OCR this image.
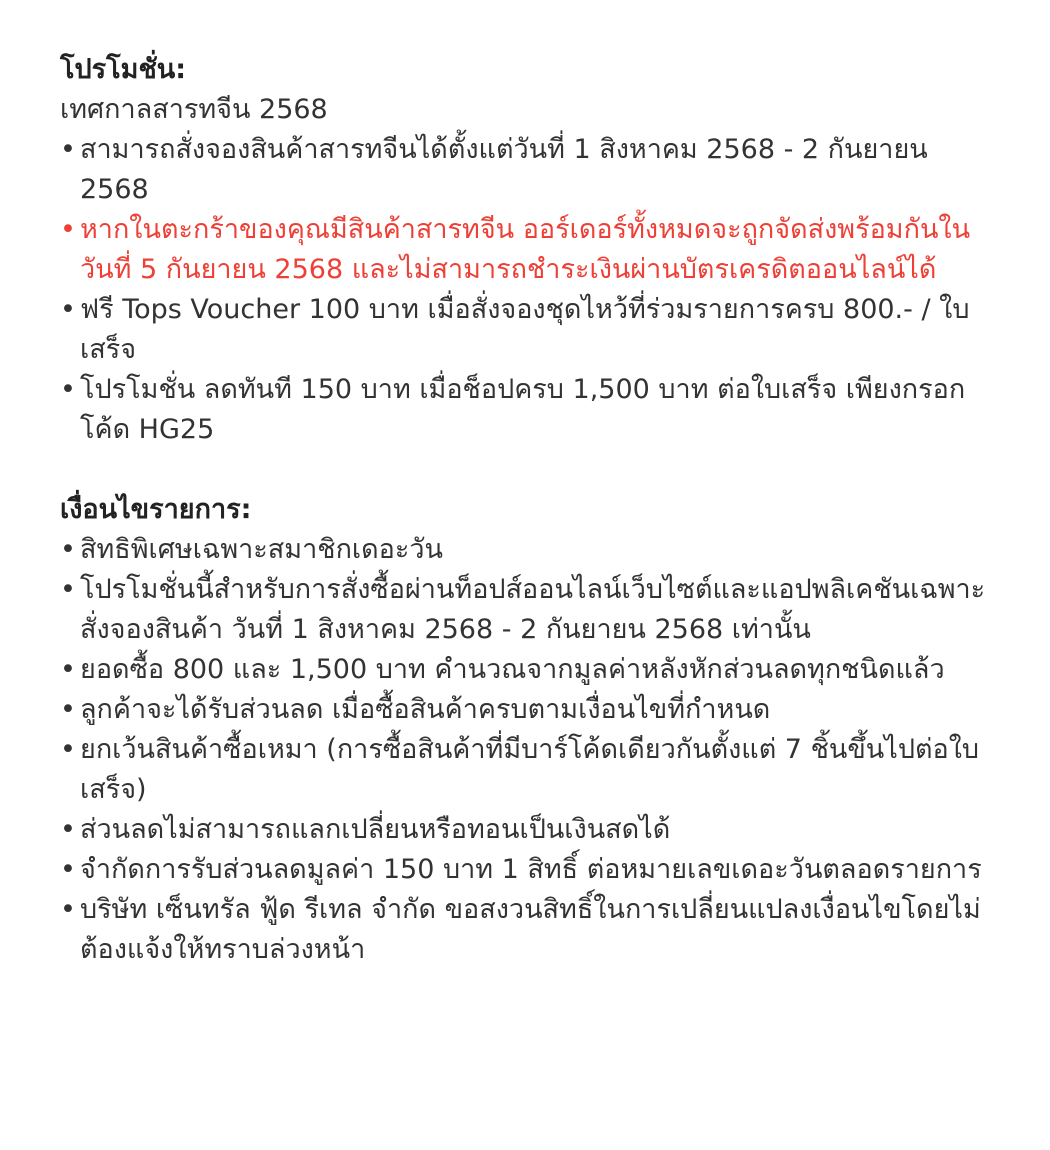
โปรโมชั่น:

เทศกาลสารทจีน 2568

• สามารถสั่งจองสินค้าสารทจีนได้ตั้งแต่วันที่ 1 สิงหาคม 2568 - 2 กันยายน 2568
• หากในตะกร้าของคุณมีสินค้าสารทจีน ออร์เดอร์ทั้งหมดจะถูกจัดส่งพร้อมกันในวันที่ 5 กันยายน 2568 และไม่สามารถชำระเงินผ่านบัตรเครดิตออนไลน์ได้
• ฟรี Tops Voucher 100 บาท เมื่อสั่งจองชุดไหว้ที่ร่วมรายการครบ 800.- / ใบเสร็จ
• โปรโมชั่น ลดทันที 150 บาท เมื่อช็อปครบ 1,500 บาท ต่อใบเสร็จ เพียงกรอกโค้ด HG25
เงื่อนไขรายการ:
• สิทธิพิเศษเฉพาะสมาชิกเดอะวัน
• โปรโมชั่นนี้สำหรับการสั่งซื้อผ่านท็อปส์ออนไลน์เว็บไซต์และแอปพลิเคชันเฉพาะสั่งจองสินค้า วันที่ 1 สิงหาคม 2568 - 2 กันยายน 2568 เท่านั้น
• ยอดซื้อ 800 และ 1,500 บาท คำนวณจากมูลค่าหลังหักส่วนลดทุกชนิดแล้ว
• ลูกค้าจะได้รับส่วนลด เมื่อซื้อสินค้าครบตามเงื่อนไขที่กำหนด
• ยกเว้นสินค้าซื้อเหมา (การซื้อสินค้าที่มีบาร์โค้ดเดียวกันตั้งแต่ 7 ชิ้นขึ้นไปต่อใบเสร็จ)
• ส่วนลดไม่สามารถแลกเปลี่ยนหรือทอนเป็นเงินสดได้
• จำกัดการรับส่วนลดมูลค่า 150 บาท 1 สิทธิ์ ต่อหมายเลขเดอะวันตลอดรายการ
• บริษัท เซ็นทรัล ฟู้ด รีเทล จำกัด ขอสงวนสิทธิ์ในการเปลี่ยนแปลงเงื่อนไขโดยไม่ต้องแจ้งให้ทราบล่วงหน้า
